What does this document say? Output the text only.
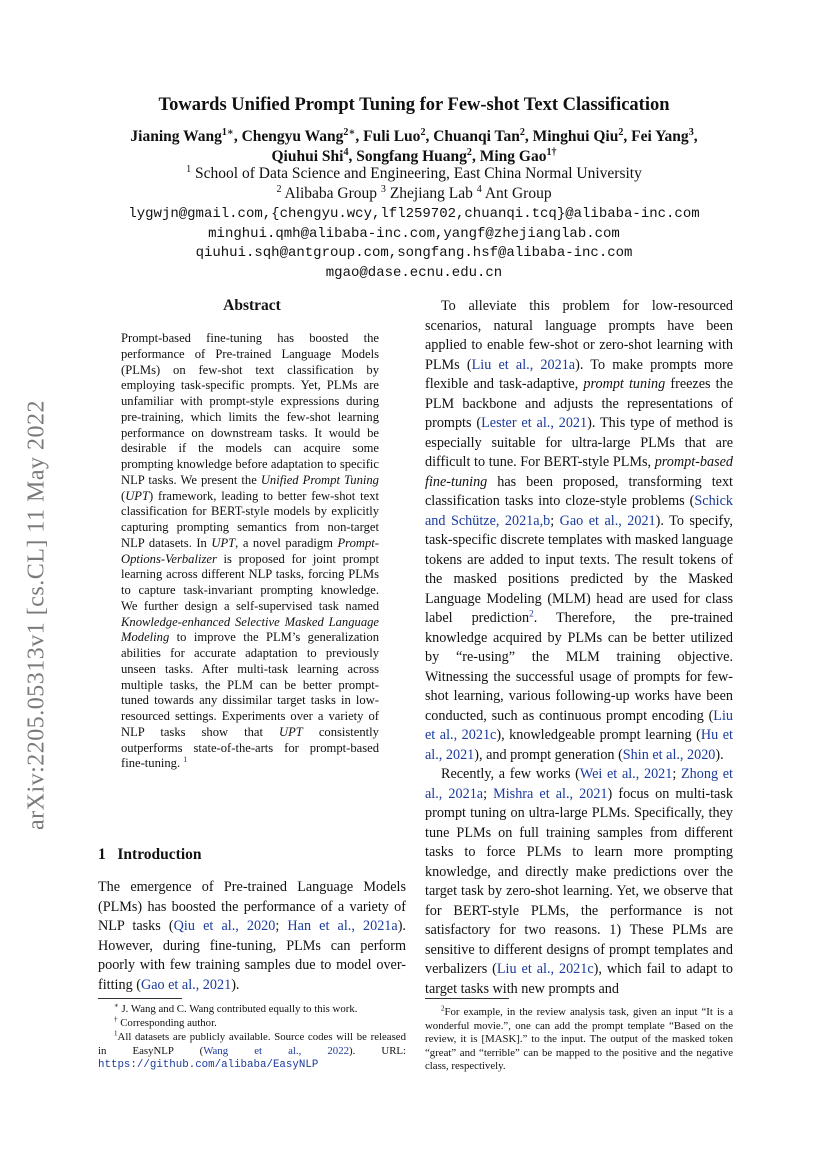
arXiv:2205.05313v1 [cs.CL] 11 May 2022
Towards Unified Prompt Tuning for Few-shot Text Classification
Jianing Wang$^{1∗}$, Chengyu Wang$^{2∗}$, Fuli Luo$^2$, Chuanqi Tan$^2$, Minghui Qiu$^2$, Fei Yang$^3$,
Qiuhui Shi$^4$, Songfang Huang$^2$, Ming Gao$^{1\dagger}$
$^1$ School of Data Science and Engineering, East China Normal University
$^2$ Alibaba Group $^3$ Zhejiang Lab $^4$ Ant Group
lygwjn@gmail.com,{chengyu.wcy,lfl259702,chuanqi.tcq}@alibaba-inc.com
minghui.qmh@alibaba-inc.com,yangf@zhejianglab.com
qiuhui.sqh@antgroup.com,songfang.hsf@alibaba-inc.com
mgao@dase.ecnu.edu.cn
Abstract
Prompt-based fine-tuning has boosted the performance of Pre-trained Language Models (PLMs) on few-shot text classification by employing task-specific prompts. Yet, PLMs are unfamiliar with prompt-style expressions during pre-training, which limits the few-shot learning performance on downstream tasks. It would be desirable if the models can acquire some prompting knowledge before adaptation to specific NLP tasks. We present the Unified Prompt Tuning (UPT) framework, leading to better few-shot text classification for BERT-style models by explicitly capturing prompting semantics from non-target NLP datasets. In UPT, a novel paradigm Prompt-Options-Verbalizer is proposed for joint prompt learning across different NLP tasks, forcing PLMs to capture task-invariant prompting knowledge. We further design a self-supervised task named Knowledge-enhanced Selective Masked Language Modeling to improve the PLM’s generalization abilities for accurate adaptation to previously unseen tasks. After multi-task learning across multiple tasks, the PLM can be better prompt-tuned towards any dissimilar target tasks in low-resourced settings. Experiments over a variety of NLP tasks show that UPT consistently outperforms state-of-the-arts for prompt-based fine-tuning. $^1$
1   Introduction

The emergence of Pre-trained Language Models (PLMs) has boosted the performance of a variety of NLP tasks (Qiu et al., 2020; Han et al., 2021a). However, during fine-tuning, PLMs can perform poorly with few training samples due to model over-fitting (Gao et al., 2021).

∗ J. Wang and C. Wang contributed equally to this work.
† Corresponding author.
$^1$All datasets are publicly available. Source codes will be released in EasyNLP (Wang et al., 2022). URL: https://github.com/alibaba/EasyNLP

To alleviate this problem for low-resourced scenarios, natural language prompts have been applied to enable few-shot or zero-shot learning with PLMs (Liu et al., 2021a). To make prompts more flexible and task-adaptive, prompt tuning freezes the PLM backbone and adjusts the representations of prompts (Lester et al., 2021). This type of method is especially suitable for ultra-large PLMs that are difficult to tune. For BERT-style PLMs, prompt-based fine-tuning has been proposed, transforming text classification tasks into cloze-style problems (Schick and Schütze, 2021a,b; Gao et al., 2021). To specify, task-specific discrete templates with masked language tokens are added to input texts. The result tokens of the masked positions predicted by the Masked Language Modeling (MLM) head are used for class label prediction$^2$. Therefore, the pre-trained knowledge acquired by PLMs can be better utilized by “re-using” the MLM training objective. Witnessing the successful usage of prompts for few-shot learning, various following-up works have been conducted, such as continuous prompt encoding (Liu et al., 2021c), knowledgeable prompt learning (Hu et al., 2021), and prompt generation (Shin et al., 2020).

Recently, a few works (Wei et al., 2021; Zhong et al., 2021a; Mishra et al., 2021) focus on multi-task prompt tuning on ultra-large PLMs. Specifically, they tune PLMs on full training samples from different tasks to force PLMs to learn more prompting knowledge, and directly make predictions over the target task by zero-shot learning. Yet, we observe that for BERT-style PLMs, the performance is not satisfactory for two reasons. 1) These PLMs are sensitive to different designs of prompt templates and verbalizers (Liu et al., 2021c), which fail to adapt to target tasks with new prompts and

$^2$For example, in the review analysis task, given an input “It is a wonderful movie.”, one can add the prompt template “Based on the review, it is [MASK].” to the input. The output of the masked token “great” and “terrible” can be mapped to the positive and the negative class, respectively.
